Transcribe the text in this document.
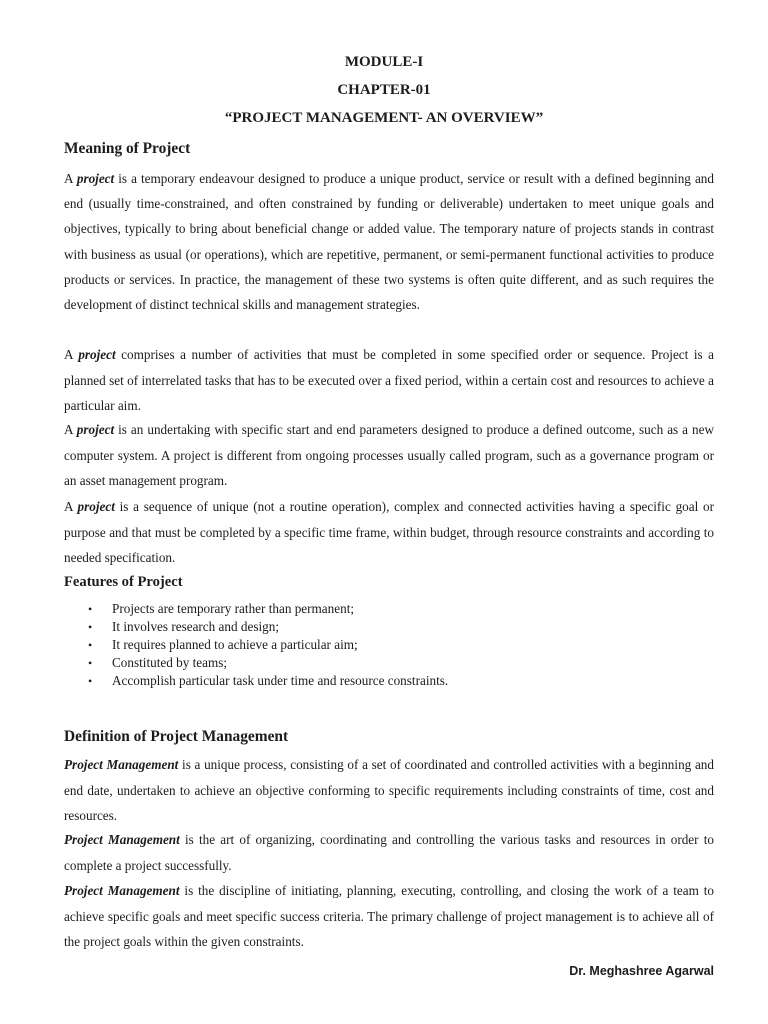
MODULE-I
CHAPTER-01
“PROJECT MANAGEMENT- AN OVERVIEW”
Meaning of Project

A project is a temporary endeavour designed to produce a unique product, service or result with a defined beginning and end (usually time-constrained, and often constrained by funding or deliverable) undertaken to meet unique goals and objectives, typically to bring about beneficial change or added value. The temporary nature of projects stands in contrast with business as usual (or operations), which are repetitive, permanent, or semi-permanent functional activities to produce products or services. In practice, the management of these two systems is often quite different, and as such requires the development of distinct technical skills and management strategies.

A project comprises a number of activities that must be completed in some specified order or sequence. Project is a planned set of interrelated tasks that has to be executed over a fixed period, within a certain cost and resources to achieve a particular aim.

A project is an undertaking with specific start and end parameters designed to produce a defined outcome, such as a new computer system. A project is different from ongoing processes usually called program, such as a governance program or an asset management program.

A project is a sequence of unique (not a routine operation), complex and connected activities having a specific goal or purpose and that must be completed by a specific time frame, within budget, through resource constraints and according to needed specification.

Features of Project
• Projects are temporary rather than permanent;
• It involves research and design;
• It requires planned to achieve a particular aim;
• Constituted by teams;
• Accomplish particular task under time and resource constraints.
Definition of Project Management

Project Management is a unique process, consisting of a set of coordinated and controlled activities with a beginning and end date, undertaken to achieve an objective conforming to specific requirements including constraints of time, cost and resources.

Project Management is the art of organizing, coordinating and controlling the various tasks and resources in order to complete a project successfully.

Project Management is the discipline of initiating, planning, executing, controlling, and closing the work of a team to achieve specific goals and meet specific success criteria. The primary challenge of project management is to achieve all of the project goals within the given constraints.

Dr. Meghashree Agarwal
